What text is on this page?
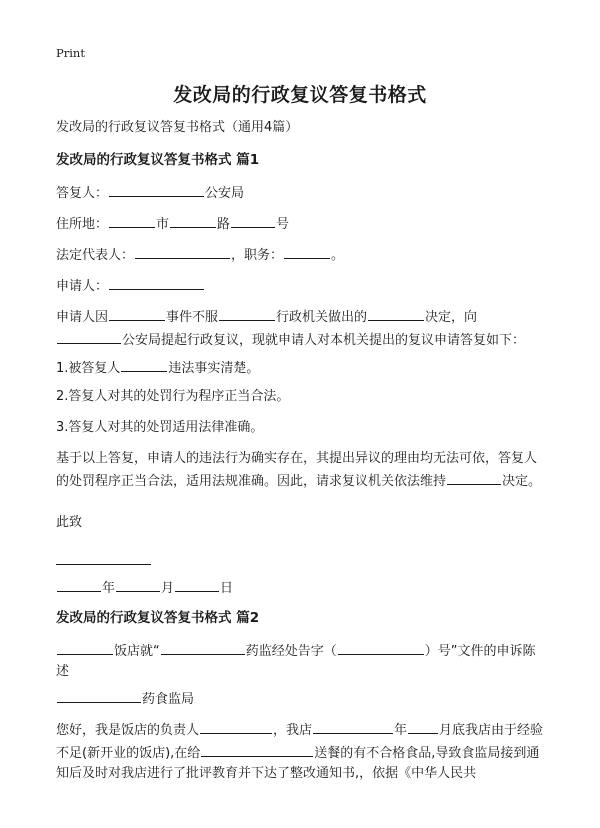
Print
发改局的行政复议答复书格式
发改局的行政复议答复书格式（通用4篇）
发改局的行政复议答复书格式 篇1
答复人：	公安局
住所地：	市	路	号
法定代表人：	，职务：	。
申请人：
申请人因	事件不服	行政机关做出的	决定，向
公安局提起行政复议，现就申请人对本机关提出的复议申请答复如下：
1.被答复人	违法事实清楚。
2.答复人对其的处罚行为程序正当合法。
3.答复人对其的处罚适用法律准确。
基于以上答复，申请人的违法行为确实存在，其提出异议的理由均无法可依，答复人的处罚程序正当合法，适用法规准确。因此，请求复议机关依法维持	决定。
此致
年	月	日
发改局的行政复议答复书格式 篇2
饭店就“	药监经处告字（	）号”文件的申诉陈述
药食监局
您好，我是饭店的负责人	，我店	年 月底我店由于经验不足(新开业的饭店),在给	送餐的有不合格食品,导致食监局接到通知后及时对我店进行了批评教育并下达了整改通知书,，依据《中华人民共
